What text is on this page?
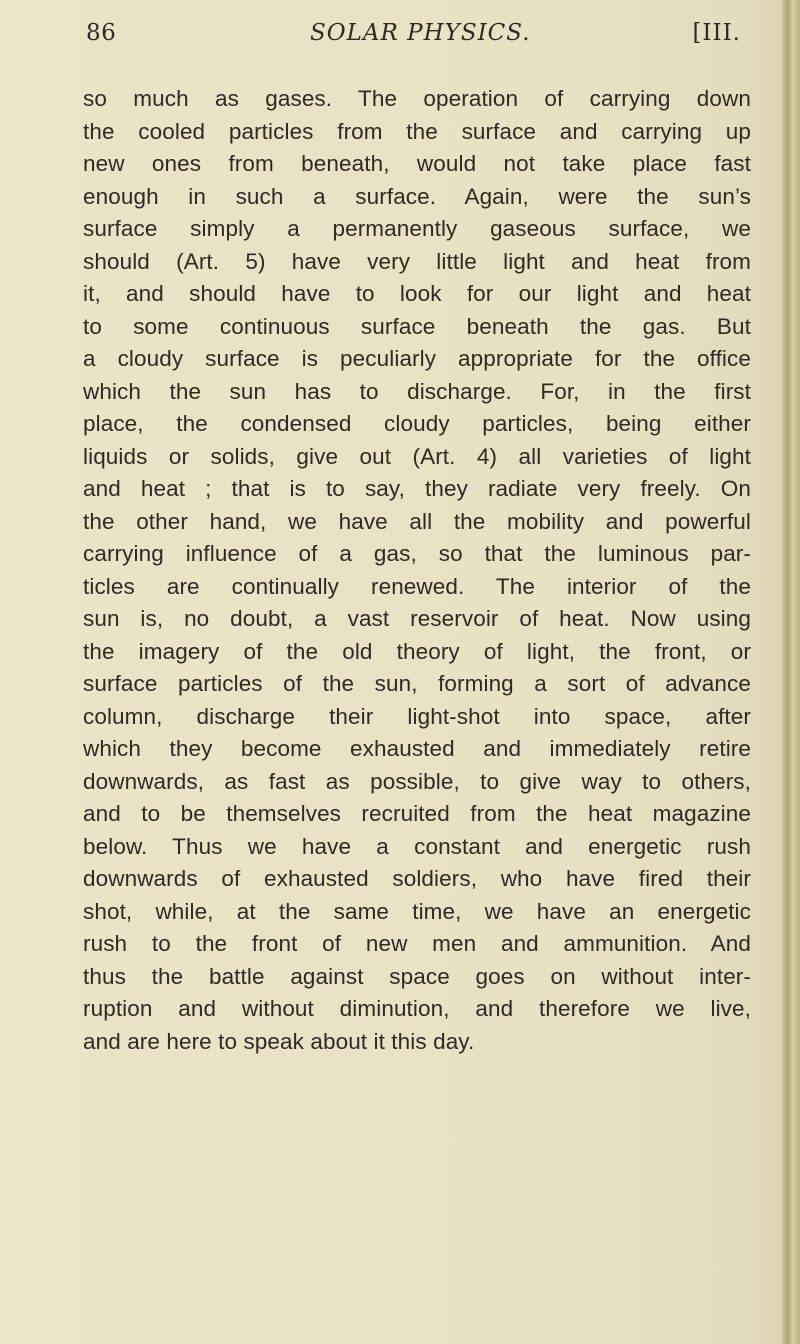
86	SOLAR PHYSICS.	[III.
so much as gases. The operation of carrying down
the cooled particles from the surface and carrying up
new ones from beneath, would not take place fast
enough in such a surface. Again, were the sun’s
surface simply a permanently gaseous surface, we
should (Art. 5) have very little light and heat from
it, and should have to look for our light and heat
to some continuous surface beneath the gas. But
a cloudy surface is peculiarly appropriate for the office
which the sun has to discharge. For, in the first
place, the condensed cloudy particles, being either
liquids or solids, give out (Art. 4) all varieties of light
and heat ; that is to say, they radiate very freely. On
the other hand, we have all the mobility and powerful
carrying influence of a gas, so that the luminous par-
ticles are continually renewed. The interior of the
sun is, no doubt, a vast reservoir of heat. Now using
the imagery of the old theory of light, the front, or
surface particles of the sun, forming a sort of advance
column, discharge their light-shot into space, after
which they become exhausted and immediately retire
downwards, as fast as possible, to give way to others,
and to be themselves recruited from the heat magazine
below. Thus we have a constant and energetic rush
downwards of exhausted soldiers, who have fired their
shot, while, at the same time, we have an energetic
rush to the front of new men and ammunition. And
thus the battle against space goes on without inter-
ruption and without diminution, and therefore we live,
and are here to speak about it this day.
